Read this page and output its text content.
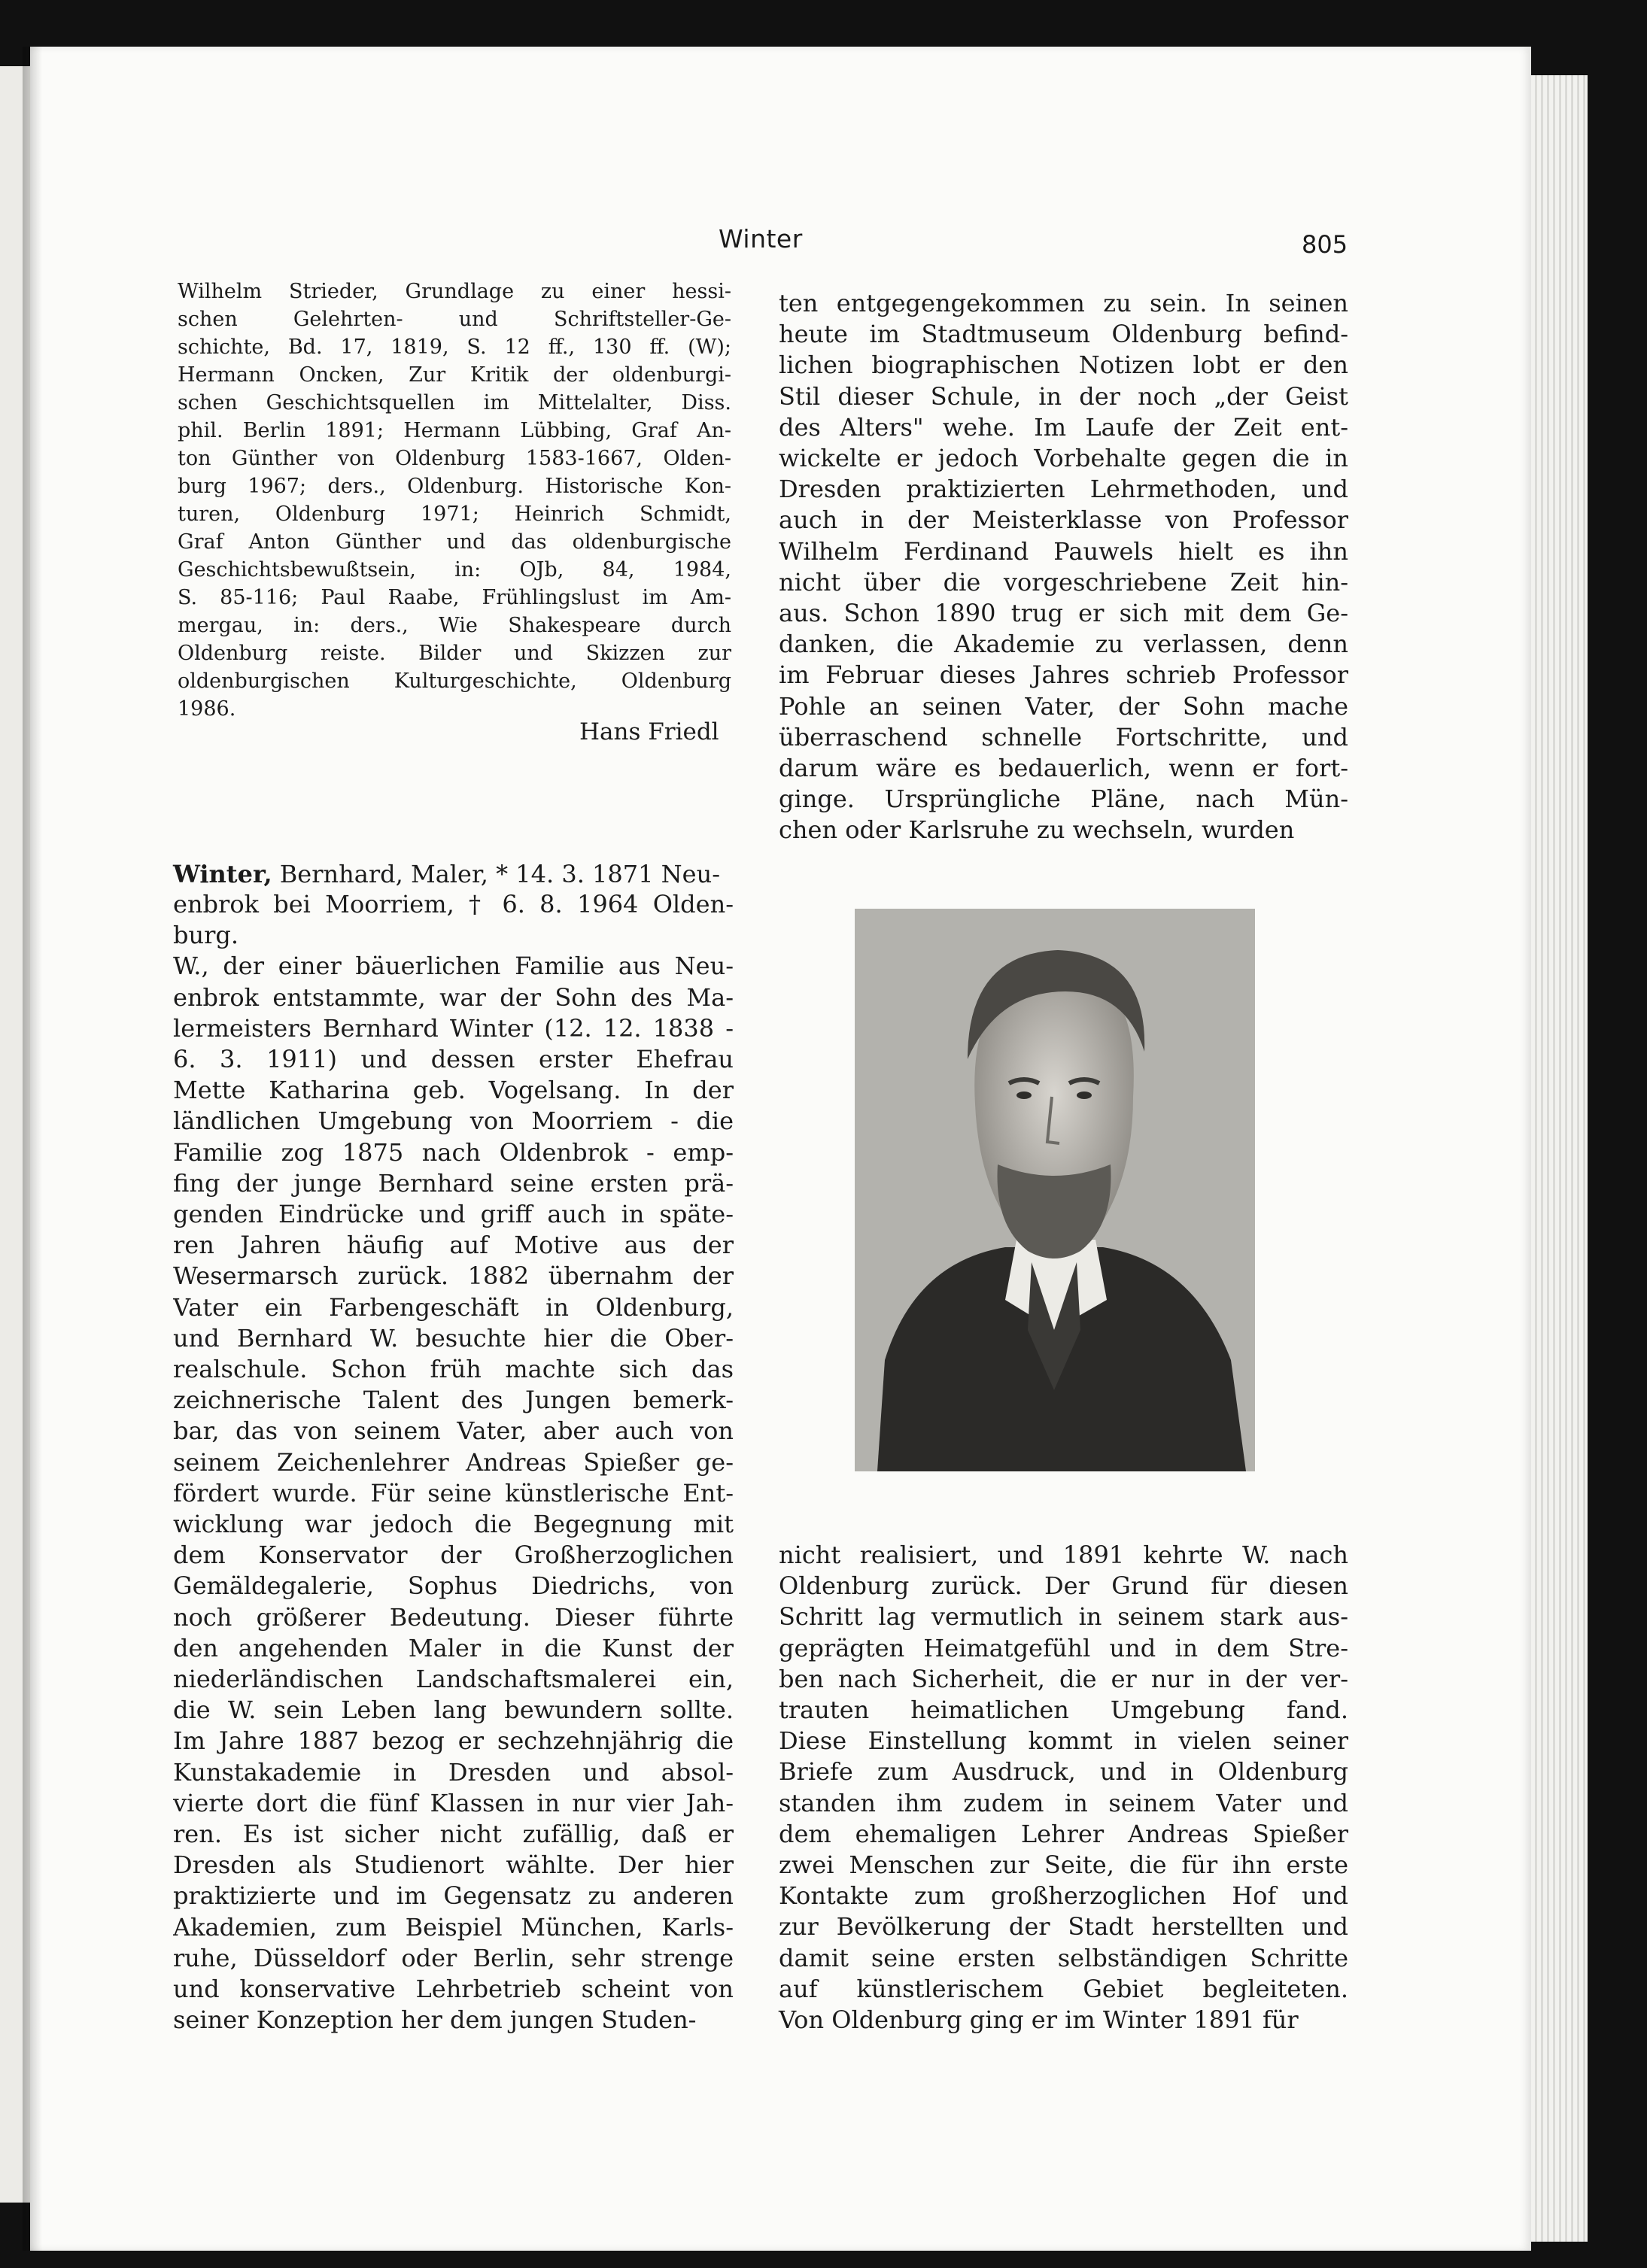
Winter	805
Wilhelm Strieder, Grundlage zu einer hessi-
schen Gelehrten- und Schriftsteller-Ge-
schichte, Bd. 17, 1819, S. 12 ff., 130 ff. (W);
Hermann Oncken, Zur Kritik der oldenburgi-
schen Geschichtsquellen im Mittelalter, Diss.
phil. Berlin 1891; Hermann Lübbing, Graf An-
ton Günther von Oldenburg 1583-1667, Olden-
burg 1967; ders., Oldenburg. Historische Kon-
turen, Oldenburg 1971; Heinrich Schmidt,
Graf Anton Günther und das oldenburgische
Geschichtsbewußtsein, in: OJb, 84, 1984,
S. 85-116; Paul Raabe, Frühlingslust im Am-
mergau, in: ders., Wie Shakespeare durch
Oldenburg reiste. Bilder und Skizzen zur
oldenburgischen Kulturgeschichte, Oldenburg
1986.
Hans Friedl
Winter, Bernhard, Maler, * 14. 3. 1871 Neu-
enbrok bei Moorriem, † 6. 8. 1964 Olden-
burg.
W., der einer bäuerlichen Familie aus Neu-
enbrok entstammte, war der Sohn des Ma-
lermeisters Bernhard Winter (12. 12. 1838 -
6. 3. 1911) und dessen erster Ehefrau
Mette Katharina geb. Vogelsang. In der
ländlichen Umgebung von Moorriem - die
Familie zog 1875 nach Oldenbrok - emp-
fing der junge Bernhard seine ersten prä-
genden Eindrücke und griff auch in späte-
ren Jahren häufig auf Motive aus der
Wesermarsch zurück. 1882 übernahm der
Vater ein Farbengeschäft in Oldenburg,
und Bernhard W. besuchte hier die Ober-
realschule. Schon früh machte sich das
zeichnerische Talent des Jungen bemerk-
bar, das von seinem Vater, aber auch von
seinem Zeichenlehrer Andreas Spießer ge-
fördert wurde. Für seine künstlerische Ent-
wicklung war jedoch die Begegnung mit
dem Konservator der Großherzoglichen
Gemäldegalerie, Sophus Diedrichs, von
noch größerer Bedeutung. Dieser führte
den angehenden Maler in die Kunst der
niederländischen Landschaftsmalerei ein,
die W. sein Leben lang bewundern sollte.
Im Jahre 1887 bezog er sechzehnjährig die
Kunstakademie in Dresden und absol-
vierte dort die fünf Klassen in nur vier Jah-
ren. Es ist sicher nicht zufällig, daß er
Dresden als Studienort wählte. Der hier
praktizierte und im Gegensatz zu anderen
Akademien, zum Beispiel München, Karls-
ruhe, Düsseldorf oder Berlin, sehr strenge
und konservative Lehrbetrieb scheint von
seiner Konzeption her dem jungen Studen-
ten entgegengekommen zu sein. In seinen
heute im Stadtmuseum Oldenburg befind-
lichen biographischen Notizen lobt er den
Stil dieser Schule, in der noch „der Geist
des Alters" wehe. Im Laufe der Zeit ent-
wickelte er jedoch Vorbehalte gegen die in
Dresden praktizierten Lehrmethoden, und
auch in der Meisterklasse von Professor
Wilhelm Ferdinand Pauwels hielt es ihn
nicht über die vorgeschriebene Zeit hin-
aus. Schon 1890 trug er sich mit dem Ge-
danken, die Akademie zu verlassen, denn
im Februar dieses Jahres schrieb Professor
Pohle an seinen Vater, der Sohn mache
überraschend schnelle Fortschritte, und
darum wäre es bedauerlich, wenn er fort-
ginge. Ursprüngliche Pläne, nach Mün-
chen oder Karlsruhe zu wechseln, wurden
nicht realisiert, und 1891 kehrte W. nach
Oldenburg zurück. Der Grund für diesen
Schritt lag vermutlich in seinem stark aus-
geprägten Heimatgefühl und in dem Stre-
ben nach Sicherheit, die er nur in der ver-
trauten heimatlichen Umgebung fand.
Diese Einstellung kommt in vielen seiner
Briefe zum Ausdruck, und in Oldenburg
standen ihm zudem in seinem Vater und
dem ehemaligen Lehrer Andreas Spießer
zwei Menschen zur Seite, die für ihn erste
Kontakte zum großherzoglichen Hof und
zur Bevölkerung der Stadt herstellten und
damit seine ersten selbständigen Schritte
auf künstlerischem Gebiet begleiteten.
Von Oldenburg ging er im Winter 1891 für
